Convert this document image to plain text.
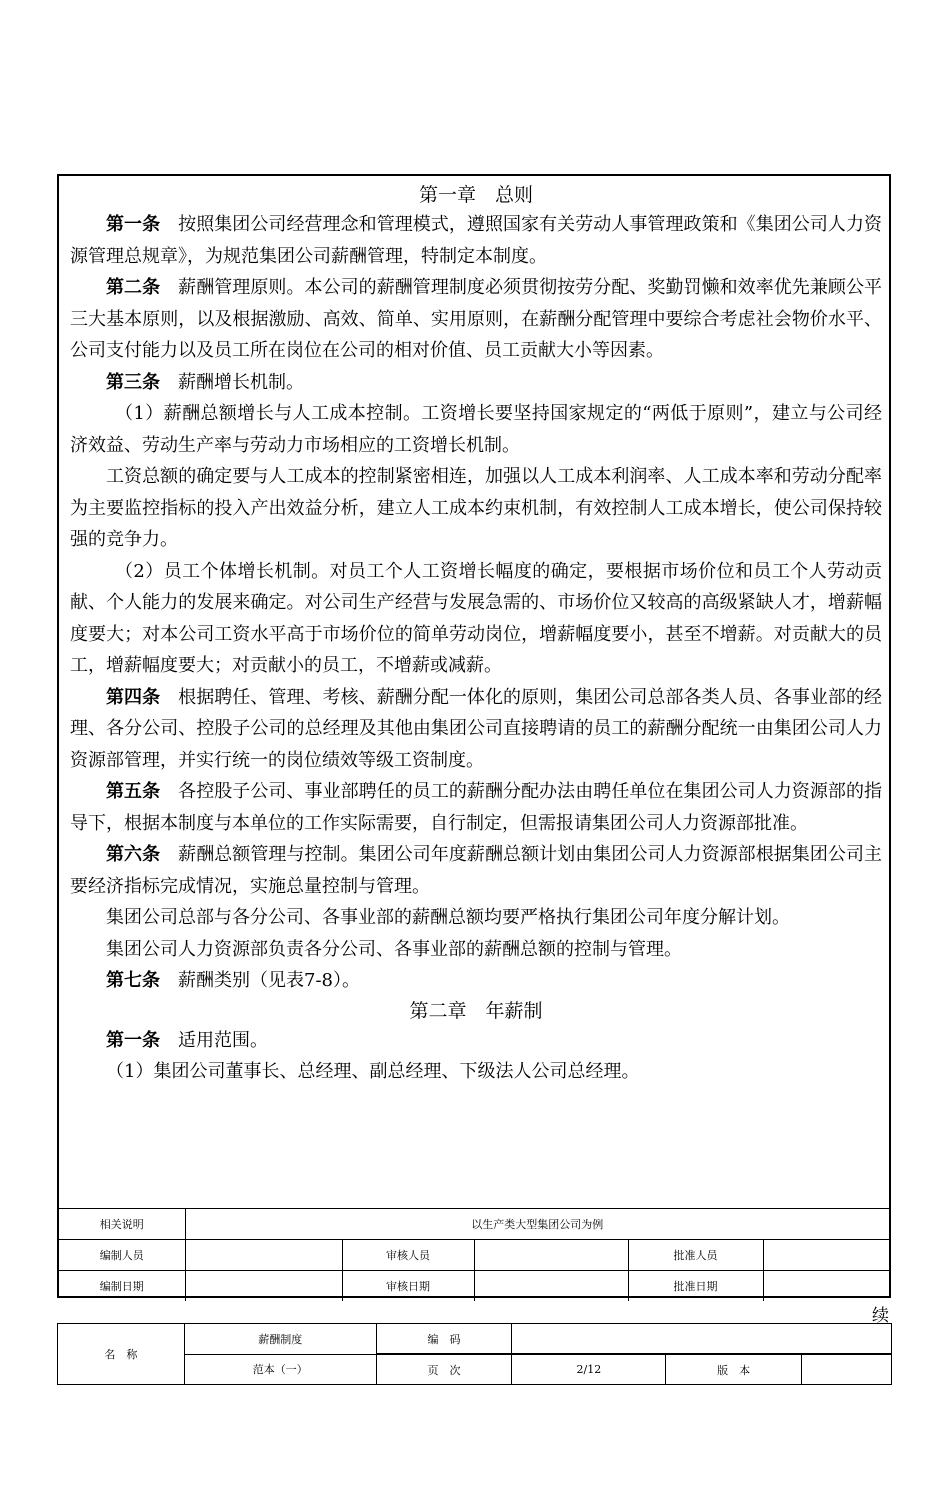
第一章　总则

第一条 按照集团公司经营理念和管理模式，遵照国家有关劳动人事管理政策和《集团公司人力资源管理总规章》，为规范集团公司薪酬管理，特制定本制度。

第二条 薪酬管理原则。本公司的薪酬管理制度必须贯彻按劳分配、奖勤罚懒和效率优先兼顾公平三大基本原则，以及根据激励、高效、简单、实用原则，在薪酬分配管理中要综合考虑社会物价水平、公司支付能力以及员工所在岗位在公司的相对价值、员工贡献大小等因素。

第三条 薪酬增长机制。

（1）薪酬总额增长与人工成本控制。工资增长要坚持国家规定的“两低于原则”，建立与公司经济效益、劳动生产率与劳动力市场相应的工资增长机制。

工资总额的确定要与人工成本的控制紧密相连，加强以人工成本利润率、人工成本率和劳动分配率为主要监控指标的投入产出效益分析，建立人工成本约束机制，有效控制人工成本增长，使公司保持较强的竞争力。

（2）员工个体增长机制。对员工个人工资增长幅度的确定，要根据市场价位和员工个人劳动贡献、个人能力的发展来确定。对公司生产经营与发展急需的、市场价位又较高的高级紧缺人才，增薪幅度要大；对本公司工资水平高于市场价位的简单劳动岗位，增薪幅度要小，甚至不增薪。对贡献大的员工，增薪幅度要大；对贡献小的员工，不增薪或减薪。

第四条 根据聘任、管理、考核、薪酬分配一体化的原则，集团公司总部各类人员、各事业部的经理、各分公司、控股子公司的总经理及其他由集团公司直接聘请的员工的薪酬分配统一由集团公司人力资源部管理，并实行统一的岗位绩效等级工资制度。

第五条 各控股子公司、事业部聘任的员工的薪酬分配办法由聘任单位在集团公司人力资源部的指导下，根据本制度与本单位的工作实际需要，自行制定，但需报请集团公司人力资源部批准。

第六条 薪酬总额管理与控制。集团公司年度薪酬总额计划由集团公司人力资源部根据集团公司主要经济指标完成情况，实施总量控制与管理。

集团公司总部与各分公司、各事业部的薪酬总额均要严格执行集团公司年度分解计划。

集团公司人力资源部负责各分公司、各事业部的薪酬总额的控制与管理。

第七条 薪酬类别（见表7-8）。

第二章　年薪制

第一条 适用范围。

（1）集团公司董事长、总经理、副总经理、下级法人公司总经理。

相关说明	以生产类大型集团公司为例				
编制人员		审核人员		批准人员	
编制日期		审核日期		批准日期	
续
名　称	薪酬制度	编　码			
	范本（一）	页　次	2/12	版　本	
